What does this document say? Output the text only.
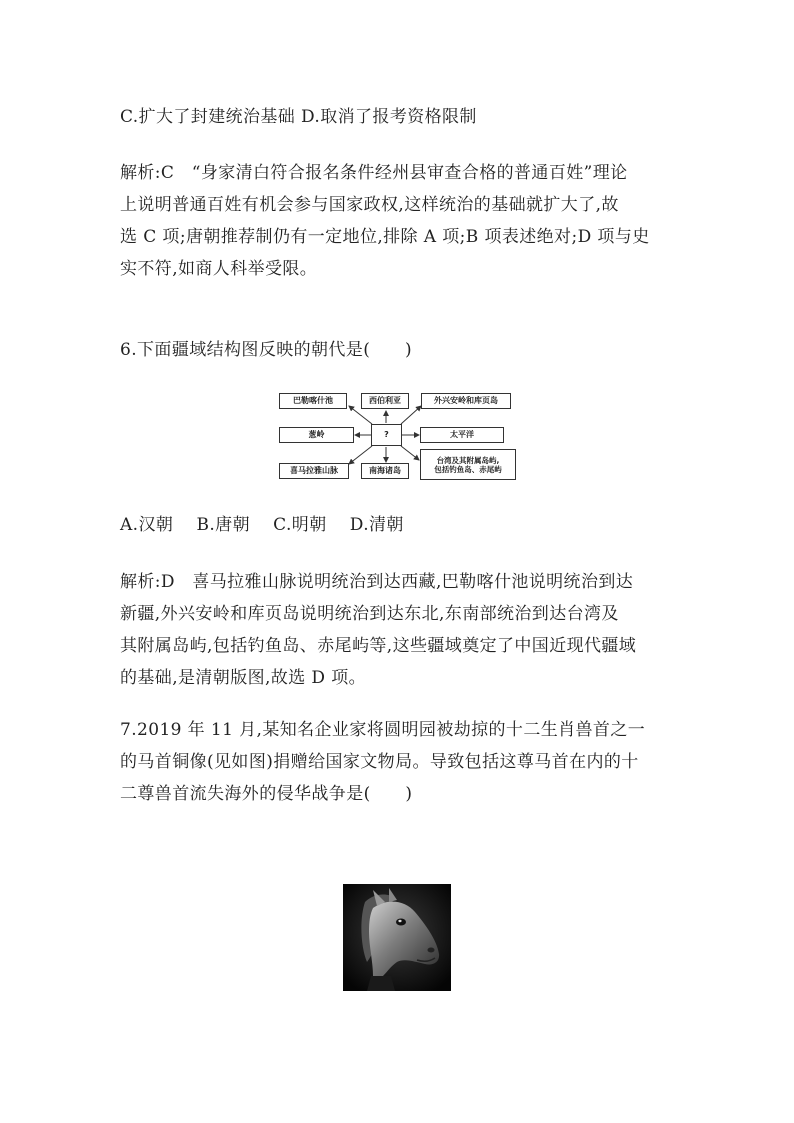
C.扩大了封建统治基础 D.取消了报考资格限制

解析:C　“身家清白符合报名条件经州县审查合格的普通百姓”理论
上说明普通百姓有机会参与国家政权,这样统治的基础就扩大了,故
选 C 项;唐朝推荐制仍有一定地位,排除 A 项;B 项表述绝对;D 项与史
实不符,如商人科举受限。

6.下面疆域结构图反映的朝代是(　　)

?
巴勒喀什池	西伯利亚	外兴安岭和库页岛
葱岭	太平洋
喜马拉雅山脉	南海诸岛
台湾及其附属岛屿,
包括钓鱼岛、赤尾屿

A.汉朝　 B.唐朝　 C.明朝　 D.清朝

解析:D　喜马拉雅山脉说明统治到达西藏,巴勒喀什池说明统治到达
新疆,外兴安岭和库页岛说明统治到达东北,东南部统治到达台湾及
其附属岛屿,包括钓鱼岛、赤尾屿等,这些疆域奠定了中国近现代疆域
的基础,是清朝版图,故选 D 项。

7.2019 年 11 月,某知名企业家将圆明园被劫掠的十二生肖兽首之一
的马首铜像(见如图)捐赠给国家文物局。导致包括这尊马首在内的十
二尊兽首流失海外的侵华战争是(　　)
